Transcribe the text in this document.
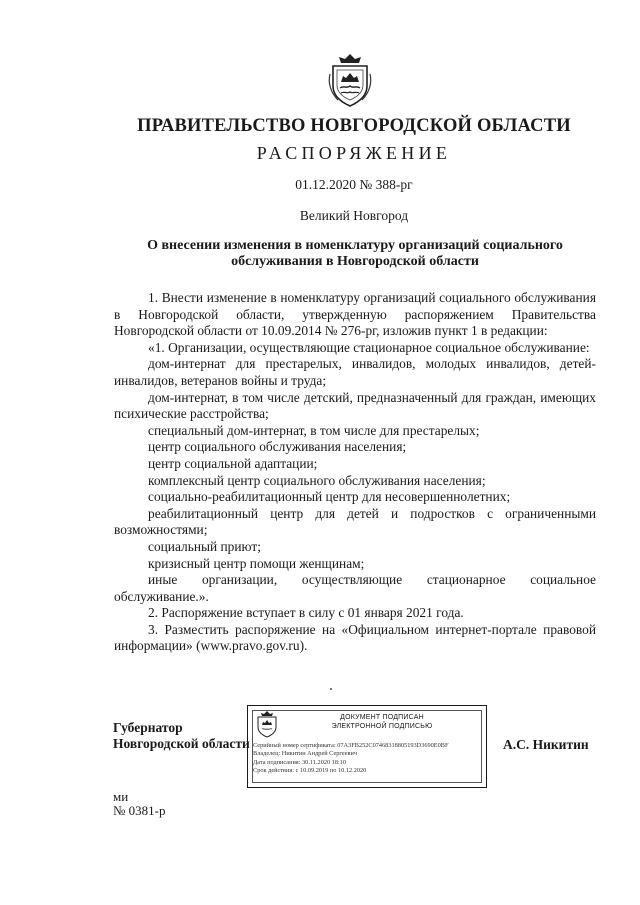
ПРАВИТЕЛЬСТВО НОВГОРОДСКОЙ ОБЛАСТИ
РАСПОРЯЖЕНИЕ
01.12.2020 № 388-рг
Великий Новгород
О внесении изменения в номенклатуру организаций социального
обслуживания в Новгородской области

1. Внести изменение в номенклатуру организаций социального обслуживания в Новгородской области, утвержденную распоряжением Правительства Новгородской области от 10.09.2014 № 276-рг, изложив пункт 1 в редакции:

«1. Организации, осуществляющие стационарное социальное обслуживание:

дом-интернат для престарелых, инвалидов, молодых инвалидов, детей-инвалидов, ветеранов войны и труда;

дом-интернат, в том числе детский, предназначенный для граждан, имеющих психические расстройства;

специальный дом-интернат, в том числе для престарелых;

центр социального обслуживания населения;

центр социальной адаптации;

комплексный центр социального обслуживания населения;

социально-реабилитационный центр для несовершеннолетних;

реабилитационный центр для детей и подростков с ограниченными возможностями;

социальный приют;

кризисный центр помощи женщинам;

иные организации, осуществляющие стационарное социальное обслуживание.».

2. Распоряжение вступает в силу с 01 января 2021 года.

3. Разместить распоряжение на «Официальном интернет-портале правовой информации» (www.pravo.gov.ru).

Губернатор
Новгородской области
ДОКУМЕНТ ПОДПИСАН
ЭЛЕКТРОННОЙ ПОДПИСЬЮ
Серийный номер сертификата: 07A3FB252C07468318805193D3690E0BF
Владелец: Никитин Андрей Сергеевич
Дата подписания: 30.11.2020 18:10
Срок действия: с 10.09.2019 по 10.12.2020
А.С. Никитин
ми
№ 0381-р
